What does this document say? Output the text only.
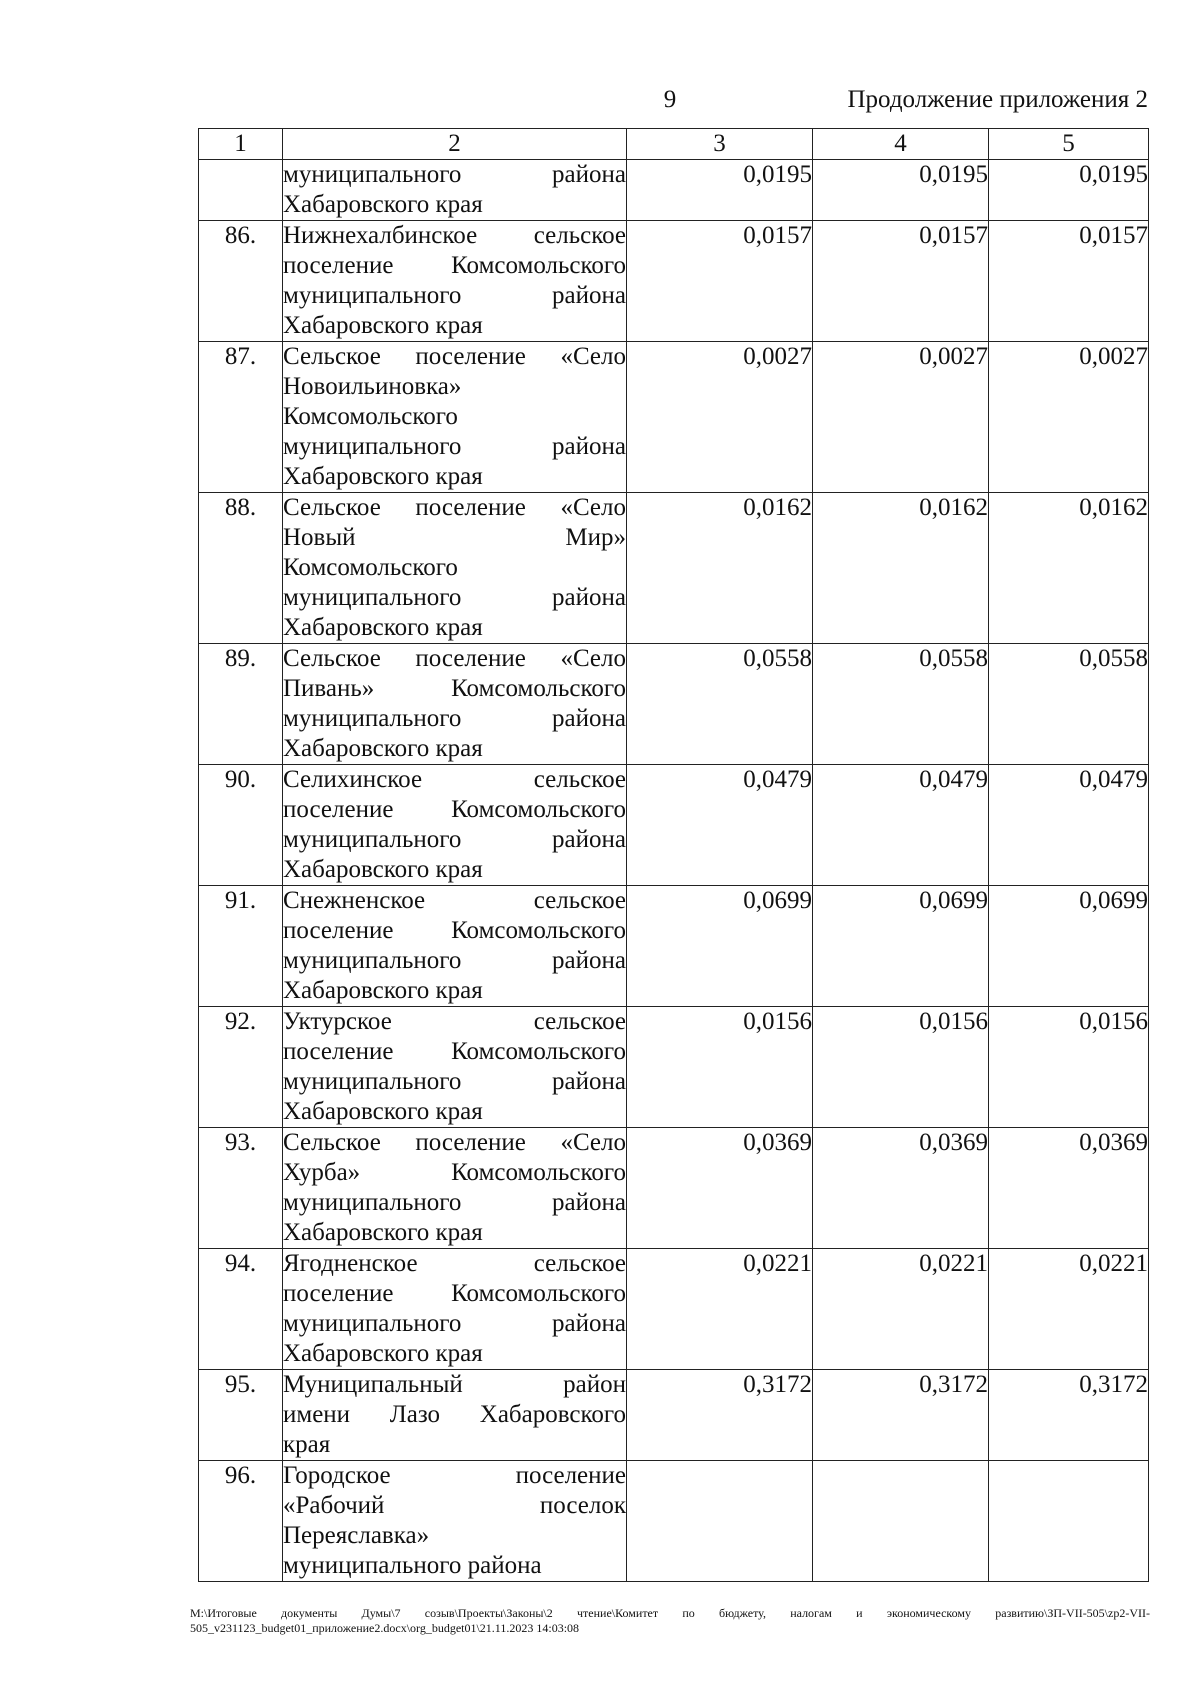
9	Продолжение приложения 2
1	2	3	4	5

	муниципального района
Хабаровского края	0,0195	0,0195	0,0195
86.	Нижнехалбинское сельское
поселение Комсомольского
муниципального района
Хабаровского края	0,0157	0,0157	0,0157
87.	Сельское поселение «Село
Новоильиновка»
Комсомольского
муниципального района
Хабаровского края	0,0027	0,0027	0,0027
88.	Сельское поселение «Село
Новый Мир»
Комсомольского
муниципального района
Хабаровского края	0,0162	0,0162	0,0162
89.	Сельское поселение «Село
Пивань» Комсомольского
муниципального района
Хабаровского края	0,0558	0,0558	0,0558
90.	Селихинское сельское
поселение Комсомольского
муниципального района
Хабаровского края	0,0479	0,0479	0,0479
91.	Снежненское сельское
поселение Комсомольского
муниципального района
Хабаровского края	0,0699	0,0699	0,0699
92.	Уктурское сельское
поселение Комсомольского
муниципального района
Хабаровского края	0,0156	0,0156	0,0156
93.	Сельское поселение «Село
Хурба» Комсомольского
муниципального района
Хабаровского края	0,0369	0,0369	0,0369
94.	Ягодненское сельское
поселение Комсомольского
муниципального района
Хабаровского края	0,0221	0,0221	0,0221
95.	Муниципальный район
имени Лазо Хабаровского
края	0,3172	0,3172	0,3172
96.	Городское поселение
«Рабочий поселок
Переяславка»
муниципального района			

M:\Итоговые документы Думы\7 созыв\Проекты\Законы\2 чтение\Комитет по бюджету, налогам и экономическому развитию\ЗП-VII-505\zp2-VII-505_v231123_budget01_приложение2.docx\org_budget01\21.11.2023 14:03:08
